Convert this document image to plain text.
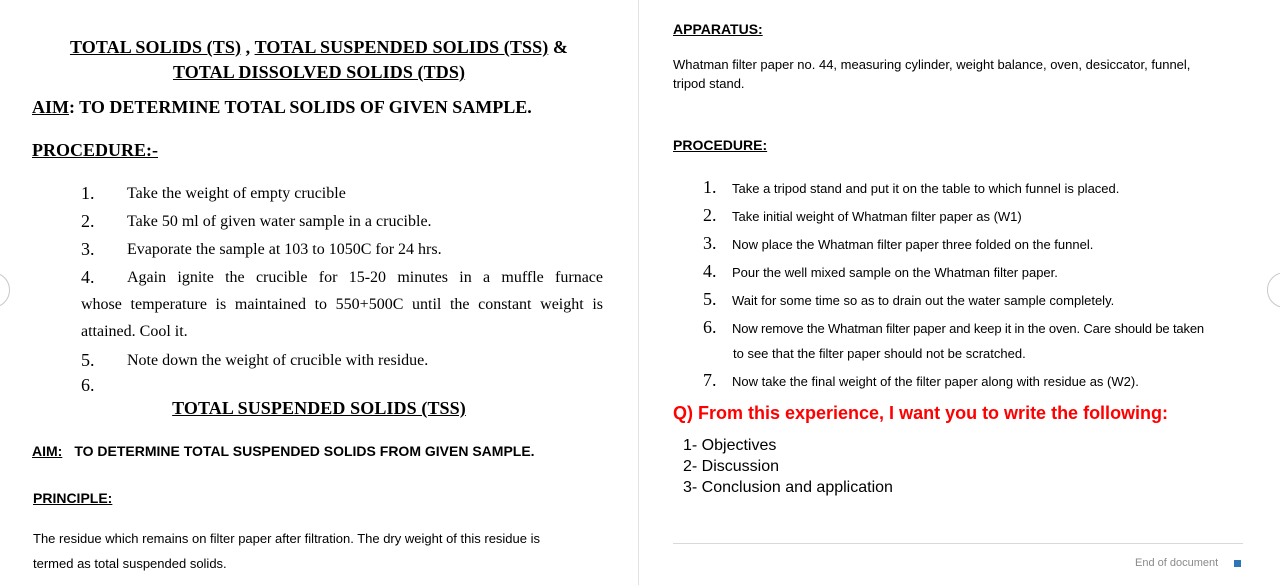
TOTAL SOLIDS (TS) , TOTAL SUSPENDED SOLIDS (TSS) &
TOTAL DISSOLVED SOLIDS (TDS)
AIM: TO DETERMINE TOTAL SOLIDS OF GIVEN SAMPLE.
PROCEDURE:-
1. Take the weight of empty crucible
2. Take 50 ml of given water sample in a crucible.
3. Evaporate the sample at 103 to 1050C for 24 hrs.
4. Again ignite the crucible for 15-20 minutes in a muffle furnace
whose temperature is maintained to 550+500C until the constant weight is
attained. Cool it.
5. Note down the weight of crucible with residue.
6.
TOTAL SUSPENDED SOLIDS (TSS)
AIM: TO DETERMINE TOTAL SUSPENDED SOLIDS FROM GIVEN SAMPLE.
PRINCIPLE:
The residue which remains on filter paper after filtration. The dry weight of this residue is
termed as total suspended solids.
APPARATUS:
Whatman filter paper no. 44, measuring cylinder, weight balance, oven, desiccator, funnel,
tripod stand.
PROCEDURE:
1. Take a tripod stand and put it on the table to which funnel is placed.
2. Take initial weight of Whatman filter paper as (W1)
3. Now place the Whatman filter paper three folded on the funnel.
4. Pour the well mixed sample on the Whatman filter paper.
5. Wait for some time so as to drain out the water sample completely.
6. Now remove the Whatman filter paper and keep it in the oven. Care should be taken
to see that the filter paper should not be scratched.
7. Now take the final weight of the filter paper along with residue as (W2).
Q) From this experience, I want you to write the following:
1- Objectives
2- Discussion
3- Conclusion and application
End of document
